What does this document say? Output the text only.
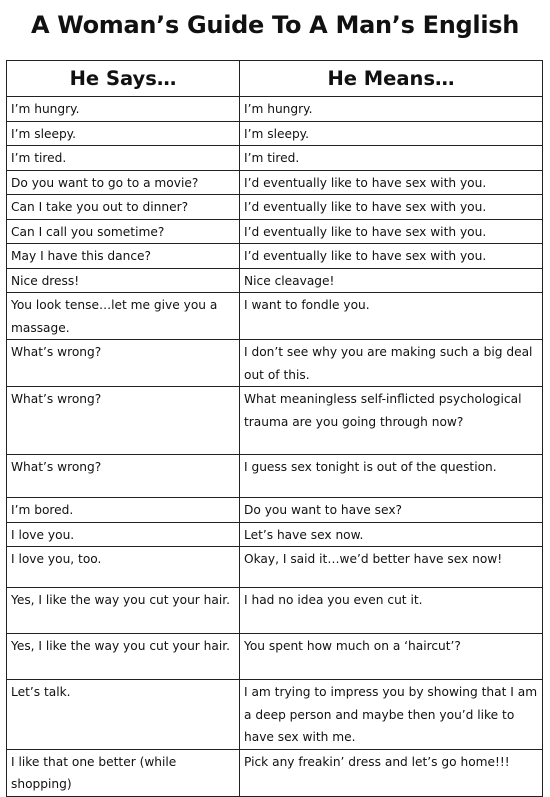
A Woman’s Guide To A Man’s English
He Says…	He Means…
I’m hungry.	I’m hungry.
I’m sleepy.	I’m sleepy.
I’m tired.	I’m tired.
Do you want to go to a movie?	I’d eventually like to have sex with you.
Can I take you out to dinner?	I’d eventually like to have sex with you.
Can I call you sometime?	I’d eventually like to have sex with you.
May I have this dance?	I’d eventually like to have sex with you.
Nice dress!	Nice cleavage!
You look tense…let me give you a massage.	I want to fondle you.
What’s wrong?	I don’t see why you are making such a big deal out of this.
What’s wrong?	What meaningless self-inflicted psychological trauma are you going through now?
What’s wrong?	I guess sex tonight is out of the question.
I’m bored.	Do you want to have sex?
I love you.	Let’s have sex now.
I love you, too.	Okay, I said it…we’d better have sex now!
Yes, I like the way you cut your hair.	I had no idea you even cut it.
Yes, I like the way you cut your hair.	You spent how much on a ‘haircut’?
Let’s talk.	I am trying to impress you by showing that I am a deep person and maybe then you’d like to have sex with me.
I like that one better (while shopping)	Pick any freakin’ dress and let’s go home!!!
